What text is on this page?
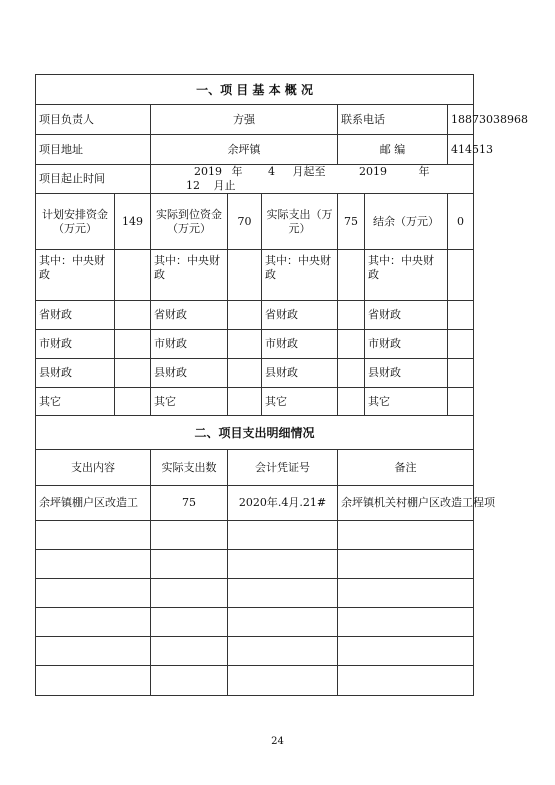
一、项 目 基 本 概 况							
项目负责人		方强			联系电话		18873038968
项目地址		余坪镇			邮 编		414513
项目起止时间		2019 年 4 月起至 2019 年 12 月止					
计划安排资金（万元）	149	实际到位资金（万元）	70	实际支出（万元）	75	结余（万元）	0
其中：中央财政		其中：中央财政		其中：中央财政		其中：中央财政	
省财政		省财政		省财政		省财政	
市财政		市财政		市财政		市财政	
县财政		县财政		县财政		县财政	
其它		其它		其它		其它	
二、项目支出明细情况							
支出内容		实际支出数	会计凭证号		备注		
余坪镇棚户区改造工		75	2020年.4月.21#		余坪镇机关村棚户区改造工程项		

24
